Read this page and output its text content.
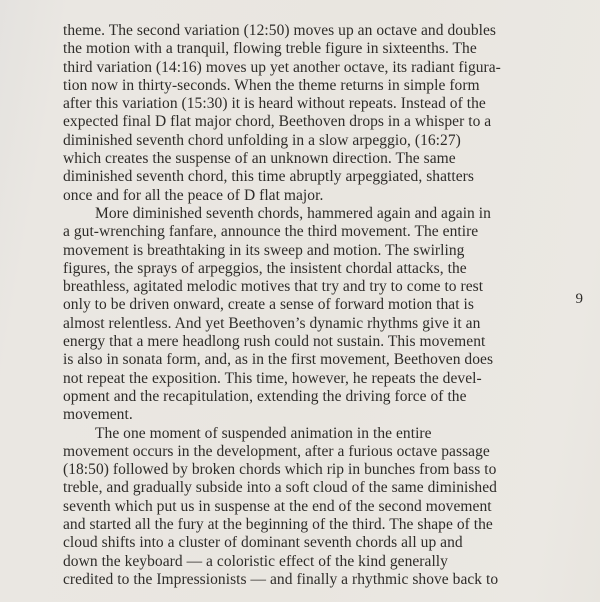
theme. The second variation (12:50) moves up an octave and doubles
the motion with a tranquil, flowing treble figure in sixteenths. The
third variation (14:16) moves up yet another octave, its radiant figura-
tion now in thirty-seconds. When the theme returns in simple form
after this variation (15:30) it is heard without repeats. Instead of the
expected final D flat major chord, Beethoven drops in a whisper to a
diminished seventh chord unfolding in a slow arpeggio, (16:27)
which creates the suspense of an unknown direction. The same
diminished seventh chord, this time abruptly arpeggiated, shatters
once and for all the peace of D flat major.
More diminished seventh chords, hammered again and again in
a gut-wrenching fanfare, announce the third movement. The entire
movement is breathtaking in its sweep and motion. The swirling
figures, the sprays of arpeggios, the insistent chordal attacks, the
breathless, agitated melodic motives that try and try to come to rest
only to be driven onward, create a sense of forward motion that is
almost relentless. And yet Beethoven’s dynamic rhythms give it an
energy that a mere headlong rush could not sustain. This movement
is also in sonata form, and, as in the first movement, Beethoven does
not repeat the exposition. This time, however, he repeats the devel-
opment and the recapitulation, extending the driving force of the
movement.
The one moment of suspended animation in the entire
movement occurs in the development, after a furious octave passage
(18:50) followed by broken chords which rip in bunches from bass to
treble, and gradually subside into a soft cloud of the same diminished
seventh which put us in suspense at the end of the second movement
and started all the fury at the beginning of the third. The shape of the
cloud shifts into a cluster of dominant seventh chords all up and
down the keyboard — a coloristic effect of the kind generally
credited to the Impressionists — and finally a rhythmic shove back to
9
